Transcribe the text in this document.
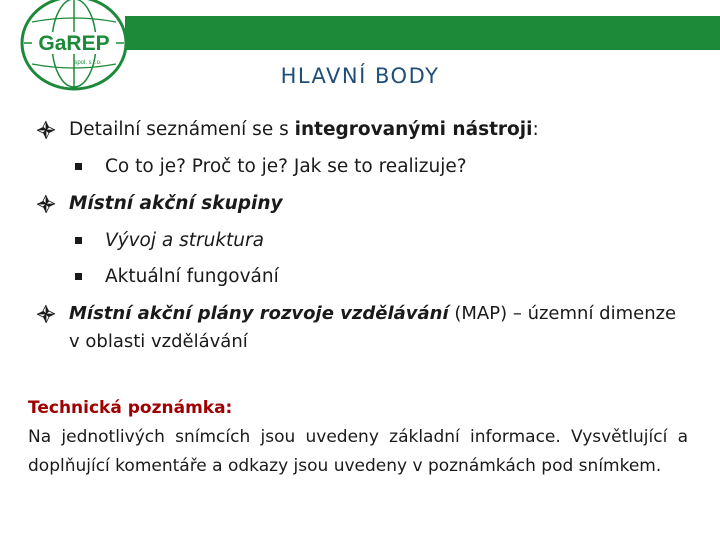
GaREP
spol. s r.o.
HLAVNÍ BODY
Detailní seznámení se s integrovanými nástroji:
Co to je? Proč to je? Jak se to realizuje?
Místní akční skupiny
Vývoj a struktura
Aktuální fungování
Místní akční plány rozvoje vzdělávání (MAP) – územní dimenze
v oblasti vzdělávání
Technická poznámka:
Na jednotlivých snímcích jsou uvedeny základní informace. Vysvětlující a doplňující komentáře a odkazy jsou uvedeny v poznámkách pod snímkem.
